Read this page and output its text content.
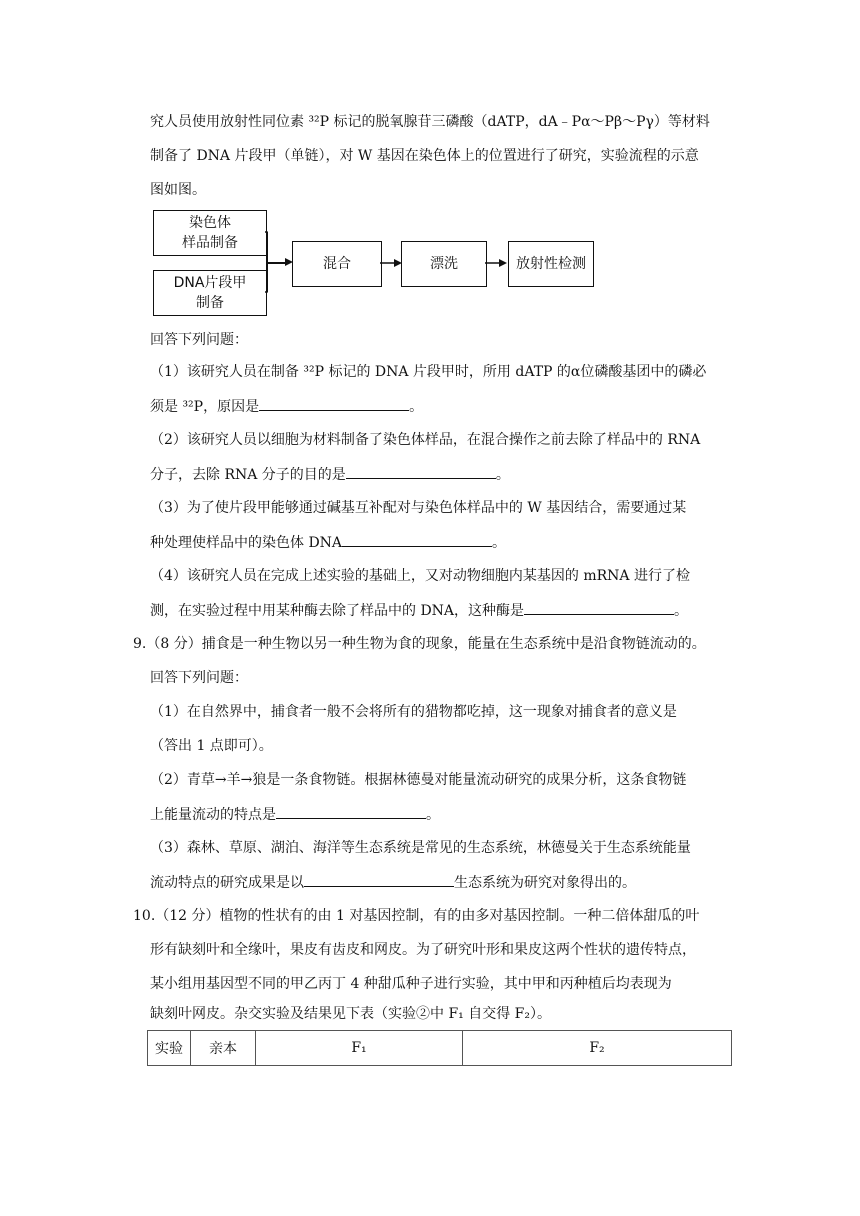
究人员使用放射性同位素 ³²P 标记的脱氧腺苷三磷酸（dATP，dA﹣Pα～Pβ～Pγ）等材料
制备了 DNA 片段甲（单链），对 W 基因在染色体上的位置进行了研究，实验流程的示意
图如图。
染色体
样品制备
DNA片段甲
制备
混合	漂洗	放射性检测
回答下列问题：
（1）该研究人员在制备 ³²P 标记的 DNA 片段甲时，所用 dATP 的α位磷酸基团中的磷必
须是 ³²P，原因是	。
（2）该研究人员以细胞为材料制备了染色体样品，在混合操作之前去除了样品中的 RNA
分子，去除 RNA 分子的目的是	。
（3）为了使片段甲能够通过碱基互补配对与染色体样品中的 W 基因结合，需要通过某
种处理使样品中的染色体 DNA	。
（4）该研究人员在完成上述实验的基础上，又对动物细胞内某基因的 mRNA 进行了检
测，在实验过程中用某种酶去除了样品中的 DNA，这种酶是	。
9.（8 分）捕食是一种生物以另一种生物为食的现象，能量在生态系统中是沿食物链流动的。
回答下列问题：
（1）在自然界中，捕食者一般不会将所有的猎物都吃掉，这一现象对捕食者的意义是
（答出 1 点即可）。
（2）青草→羊→狼是一条食物链。根据林德曼对能量流动研究的成果分析，这条食物链
上能量流动的特点是	。
（3）森林、草原、湖泊、海洋等生态系统是常见的生态系统，林德曼关于生态系统能量
流动特点的研究成果是以	生态系统为研究对象得出的。
10.（12 分）植物的性状有的由 1 对基因控制，有的由多对基因控制。一种二倍体甜瓜的叶
形有缺刻叶和全缘叶，果皮有齿皮和网皮。为了研究叶形和果皮这两个性状的遗传特点，
某小组用基因型不同的甲乙丙丁 4 种甜瓜种子进行实验，其中甲和丙种植后均表现为
缺刻叶网皮。杂交实验及结果见下表（实验②中 F₁ 自交得 F₂）。
实验	亲本	F₁	F₂
